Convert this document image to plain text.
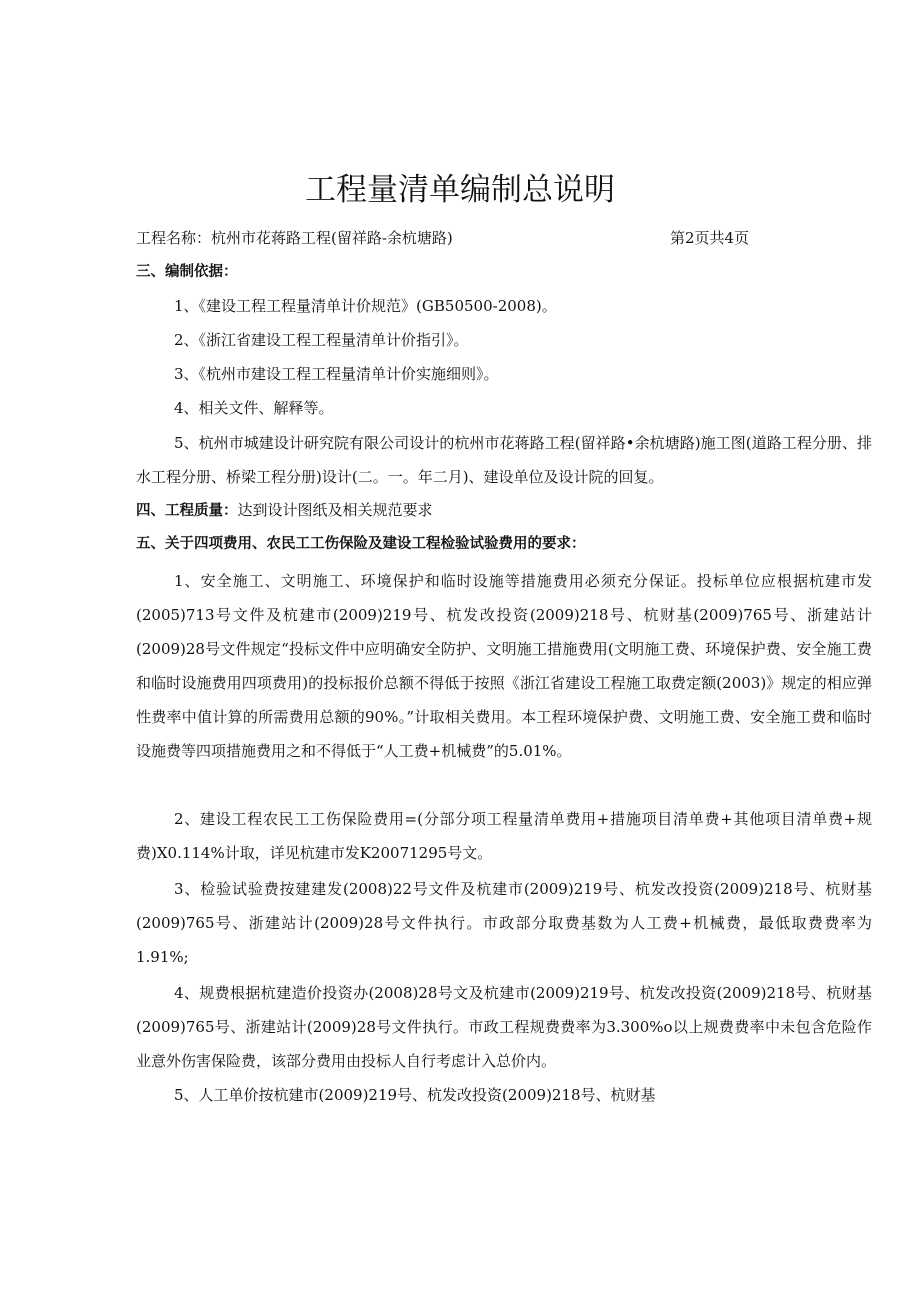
工程量清单编制总说明
工程名称：杭州市花蒋路工程(留祥路-余杭塘路)	第2页共4页
三、编制依据：
1、《建设工程工程量清单计价规范》(GB50500-2008)。
2、《浙江省建设工程工程量清单计价指引》。
3、《杭州市建设工程工程量清单计价实施细则》。
4、相关文件、解释等。
5、杭州市城建设计研究院有限公司设计的杭州市花蒋路工程(留祥路•余杭塘路)施工图(道路工程分册、排水工程分册、桥梁工程分册)设计(二。一。年二月)、建设单位及设计院的回复。
四、工程质量：达到设计图纸及相关规范要求
五、关于四项费用、农民工工伤保险及建设工程检验试验费用的要求：
1、安全施工、文明施工、环境保护和临时设施等措施费用必须充分保证。投标单位应根据杭建市发(2005)713号文件及杭建市(2009)219号、杭发改投资(2009)218号、杭财基(2009)765号、浙建站计(2009)28号文件规定“投标文件中应明确安全防护、文明施工措施费用(文明施工费、环境保护费、安全施工费和临时设施费用四项费用)的投标报价总额不得低于按照《浙江省建设工程施工取费定额(2003)》规定的相应弹性费率中值计算的所需费用总额的90%。”计取相关费用。本工程环境保护费、文明施工费、安全施工费和临时设施费等四项措施费用之和不得低于“人工费+机械费”的5.01%。
2、建设工程农民工工伤保险费用=(分部分项工程量清单费用+措施项目清单费+其他项目清单费+规费)X0.114%计取，详见杭建市发K20071295号文。
3、检验试验费按建建发(2008)22号文件及杭建市(2009)219号、杭发改投资(2009)218号、杭财基(2009)765号、浙建站计(2009)28号文件执行。市政部分取费基数为人工费+机械费，最低取费费率为1.91%;
4、规费根据杭建造价投资办(2008)28号文及杭建市(2009)219号、杭发改投资(2009)218号、杭财基(2009)765号、浙建站计(2009)28号文件执行。市政工程规费费率为3.300%o以上规费费率中未包含危险作业意外伤害保险费，该部分费用由投标人自行考虑计入总价内。
5、人工单价按杭建市(2009)219号、杭发改投资(2009)218号、杭财基
